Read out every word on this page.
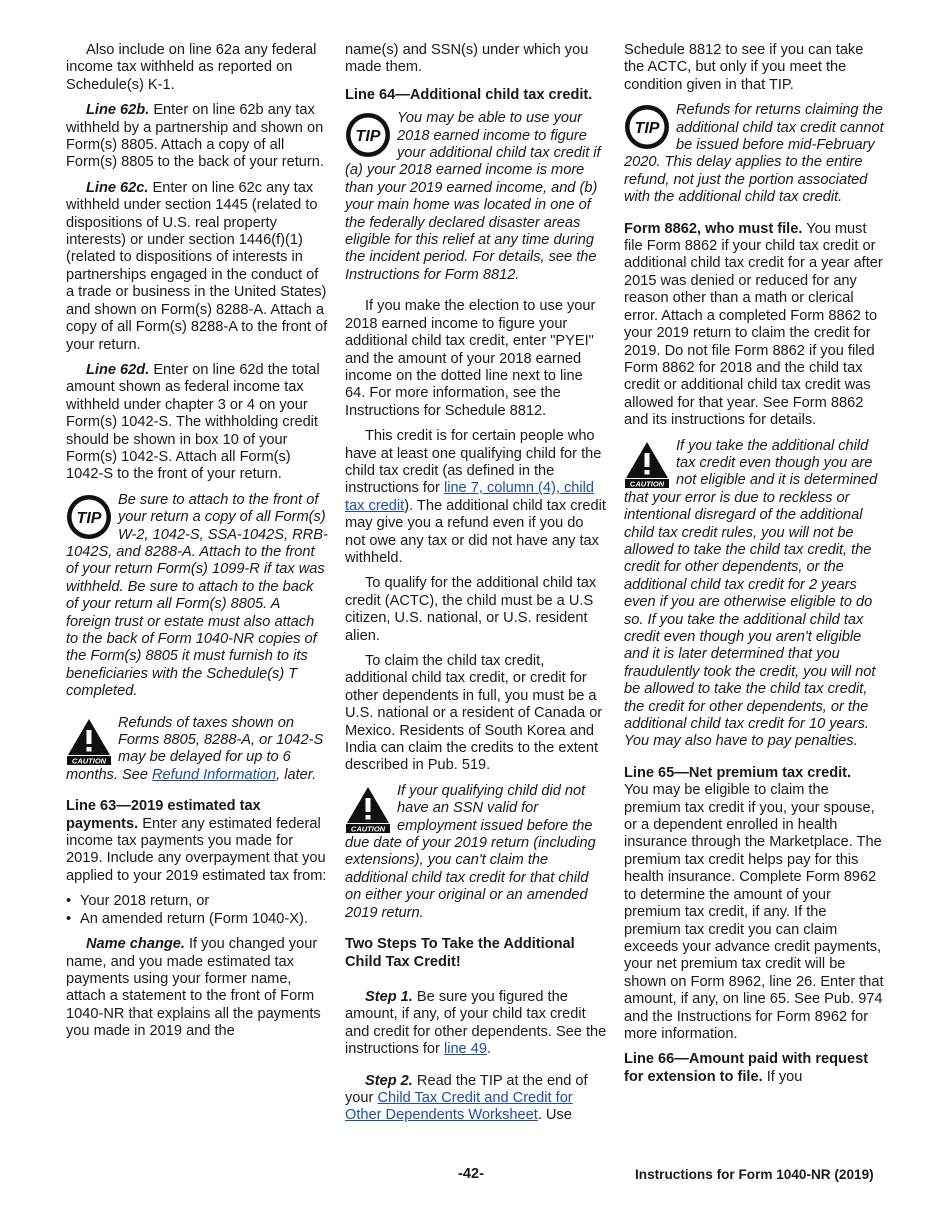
Also include on line 62a any federal income tax withheld as reported on Schedule(s) K-1.

Line 62b. Enter on line 62b any tax withheld by a partnership and shown on Form(s) 8805. Attach a copy of all Form(s) 8805 to the back of your return.

Line 62c. Enter on line 62c any tax withheld under section 1445 (related to dispositions of U.S. real property interests) or under section 1446(f)(1) (related to dispositions of interests in partnerships engaged in the conduct of a trade or business in the United States) and shown on Form(s) 8288-A. Attach a copy of all Form(s) 8288-A to the front of your return.

Line 62d. Enter on line 62d the total amount shown as federal income tax withheld under chapter 3 or 4 on your Form(s) 1042-S. The withholding credit should be shown in box 10 of your Form(s) 1042-S. Attach all Form(s) 1042-S to the front of your return.

TIP
Be sure to attach to the front of your return a copy of all Form(s) W-2, 1042-S, SSA-1042S, RRB-1042S, and 8288-A. Attach to the front of your return Form(s) 1099-R if tax was withheld. Be sure to attach to the back of your return all Form(s) 8805. A foreign trust or estate must also attach to the back of Form 1040-NR copies of the Form(s) 8805 it must furnish to its beneficiaries with the Schedule(s) T completed.
CAUTION
Refunds of taxes shown on Forms 8805, 8288-A, or 1042-S may be delayed for up to 6 months. See Refund Information, later.

Line 63—2019 estimated tax payments. Enter any estimated federal income tax payments you made for 2019. Include any overpayment that you applied to your 2019 estimated tax from:

• Your 2018 return, or
• An amended return (Form 1040-X).

Name change. If you changed your name, and you made estimated tax payments using your former name, attach a statement to the front of Form 1040-NR that explains all the payments you made in 2019 and the

name(s) and SSN(s) under which you made them.

Line 64—Additional child tax credit.
TIP
You may be able to use your 2018 earned income to figure your additional child tax credit if (a) your 2018 earned income is more than your 2019 earned income, and (b) your main home was located in one of the federally declared disaster areas eligible for this relief at any time during the incident period. For details, see the Instructions for Form 8812.

If you make the election to use your 2018 earned income to figure your additional child tax credit, enter "PYEI" and the amount of your 2018 earned income on the dotted line next to line 64. For more information, see the Instructions for Schedule 8812.

This credit is for certain people who have at least one qualifying child for the child tax credit (as defined in the instructions for line 7, column (4), child tax credit). The additional child tax credit may give you a refund even if you do not owe any tax or did not have any tax withheld.

To qualify for the additional child tax credit (ACTC), the child must be a U.S citizen, U.S. national, or U.S. resident alien.

To claim the child tax credit, additional child tax credit, or credit for other dependents in full, you must be a U.S. national or a resident of Canada or Mexico. Residents of South Korea and India can claim the credits to the extent described in Pub. 519.

CAUTION
If your qualifying child did not have an SSN valid for employment issued before the due date of your 2019 return (including extensions), you can't claim the additional child tax credit for that child on either your original or an amended 2019 return.
Two Steps To Take the Additional Child Tax Credit!

Step 1. Be sure you figured the amount, if any, of your child tax credit and credit for other dependents. See the instructions for line 49.

Step 2. Read the TIP at the end of your Child Tax Credit and Credit for Other Dependents Worksheet. Use

Schedule 8812 to see if you can take the ACTC, but only if you meet the condition given in that TIP.

TIP
Refunds for returns claiming the additional child tax credit cannot be issued before mid-February 2020. This delay applies to the entire refund, not just the portion associated with the additional child tax credit.

Form 8862, who must file. You must file Form 8862 if your child tax credit or additional child tax credit for a year after 2015 was denied or reduced for any reason other than a math or clerical error. Attach a completed Form 8862 to your 2019 return to claim the credit for 2019. Do not file Form 8862 if you filed Form 8862 for 2018 and the child tax credit or additional child tax credit was allowed for that year. See Form 8862 and its instructions for details.

CAUTION
If you take the additional child tax credit even though you are not eligible and it is determined that your error is due to reckless or intentional disregard of the additional child tax credit rules, you will not be allowed to take the child tax credit, the credit for other dependents, or the additional child tax credit for 2 years even if you are otherwise eligible to do so. If you take the additional child tax credit even though you aren't eligible and it is later determined that you fraudulently took the credit, you will not be allowed to take the child tax credit, the credit for other dependents, or the additional child tax credit for 10 years. You may also have to pay penalties.
Line 65—Net premium tax credit.

You may be eligible to claim the premium tax credit if you, your spouse, or a dependent enrolled in health insurance through the Marketplace. The premium tax credit helps pay for this health insurance. Complete Form 8962 to determine the amount of your premium tax credit, if any. If the premium tax credit you can claim exceeds your advance credit payments, your net premium tax credit will be shown on Form 8962, line 26. Enter that amount, if any, on line 65. See Pub. 974 and the Instructions for Form 8962 for more information.

Line 66—Amount paid with request for extension to file. If you

-42-	Instructions for Form 1040-NR (2019)
